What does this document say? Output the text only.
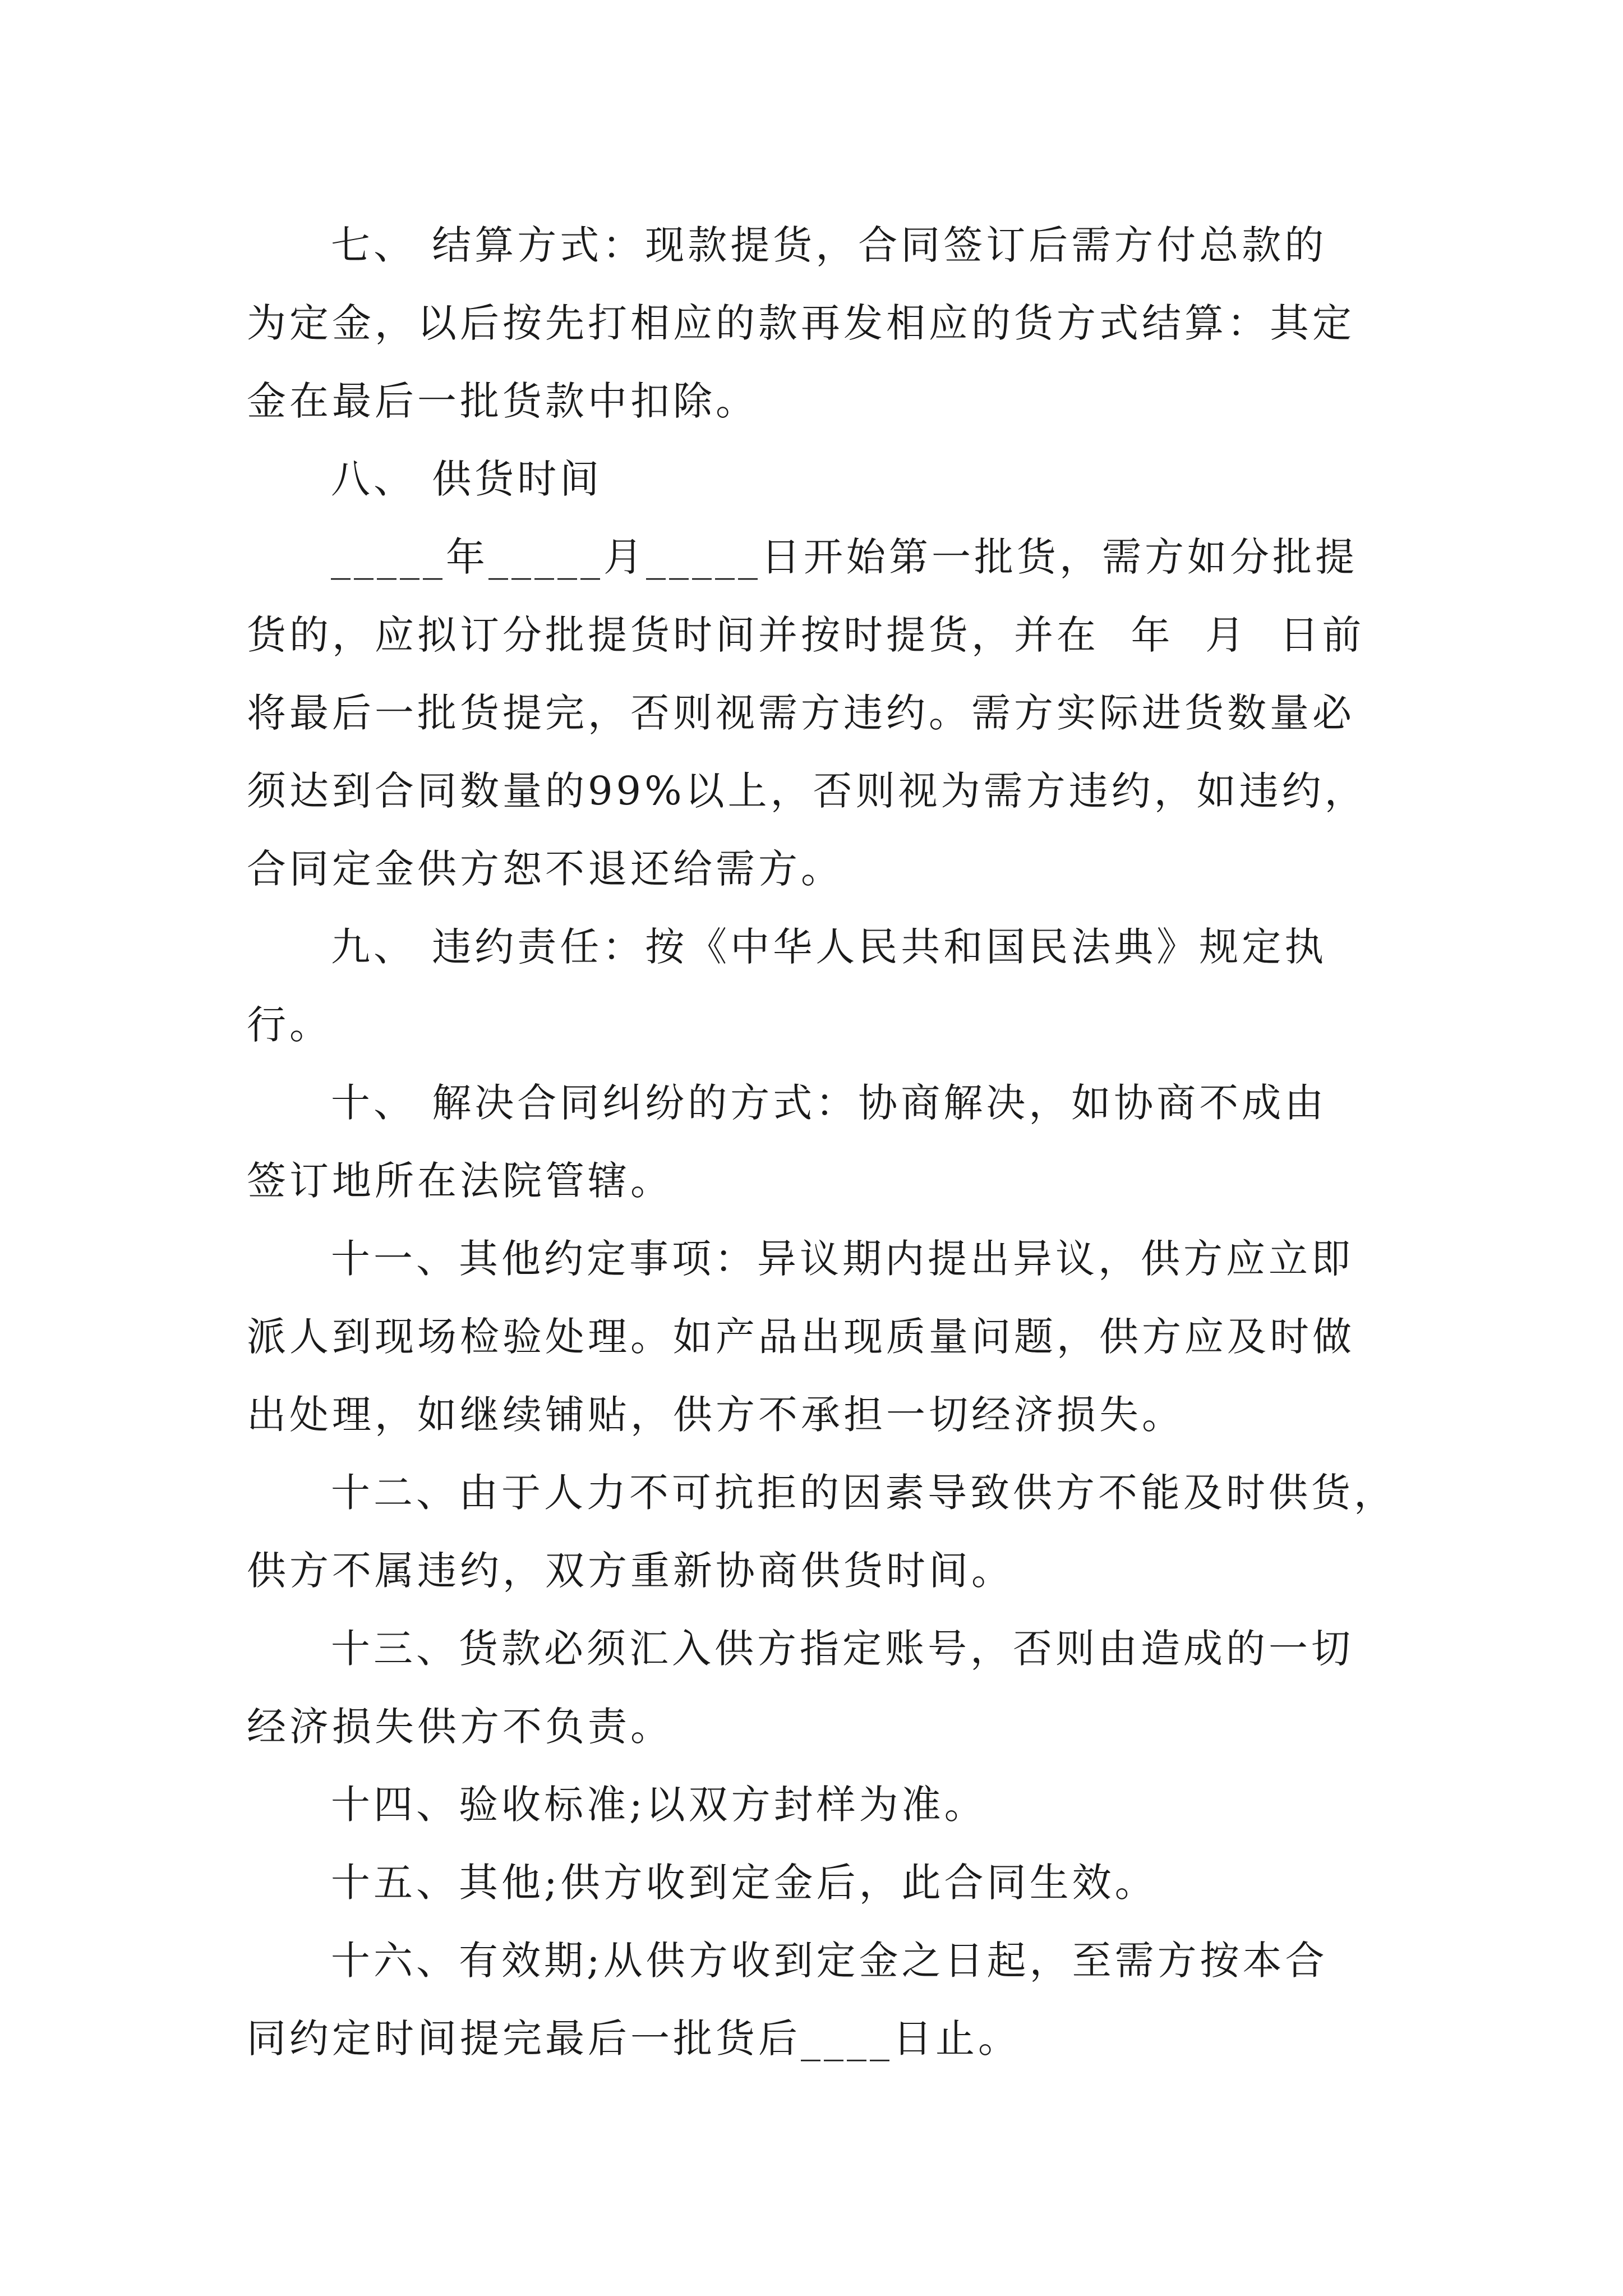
七、 结算方式：现款提货，合同签订后需方付总款的
为定金，以后按先打相应的款再发相应的货方式结算：其定
金在最后一批货款中扣除。
八、 供货时间
_____年_____月_____日开始第一批货，需方如分批提
货的，应拟订分批提货时间并按时提货，并在  年  月  日前
将最后一批货提完，否则视需方违约。需方实际进货数量必
须达到合同数量的99%以上，否则视为需方违约，如违约，
合同定金供方恕不退还给需方。
九、 违约责任：按《中华人民共和国民法典》规定执
行。
十、 解决合同纠纷的方式：协商解决，如协商不成由
签订地所在法院管辖。
十一、其他约定事项：异议期内提出异议，供方应立即
派人到现场检验处理。如产品出现质量问题，供方应及时做
出处理，如继续铺贴，供方不承担一切经济损失。
十二、由于人力不可抗拒的因素导致供方不能及时供货，
供方不属违约，双方重新协商供货时间。
十三、货款必须汇入供方指定账号，否则由造成的一切
经济损失供方不负责。
十四、验收标准;以双方封样为准。
十五、其他;供方收到定金后，此合同生效。
十六、有效期;从供方收到定金之日起，至需方按本合
同约定时间提完最后一批货后____日止。
